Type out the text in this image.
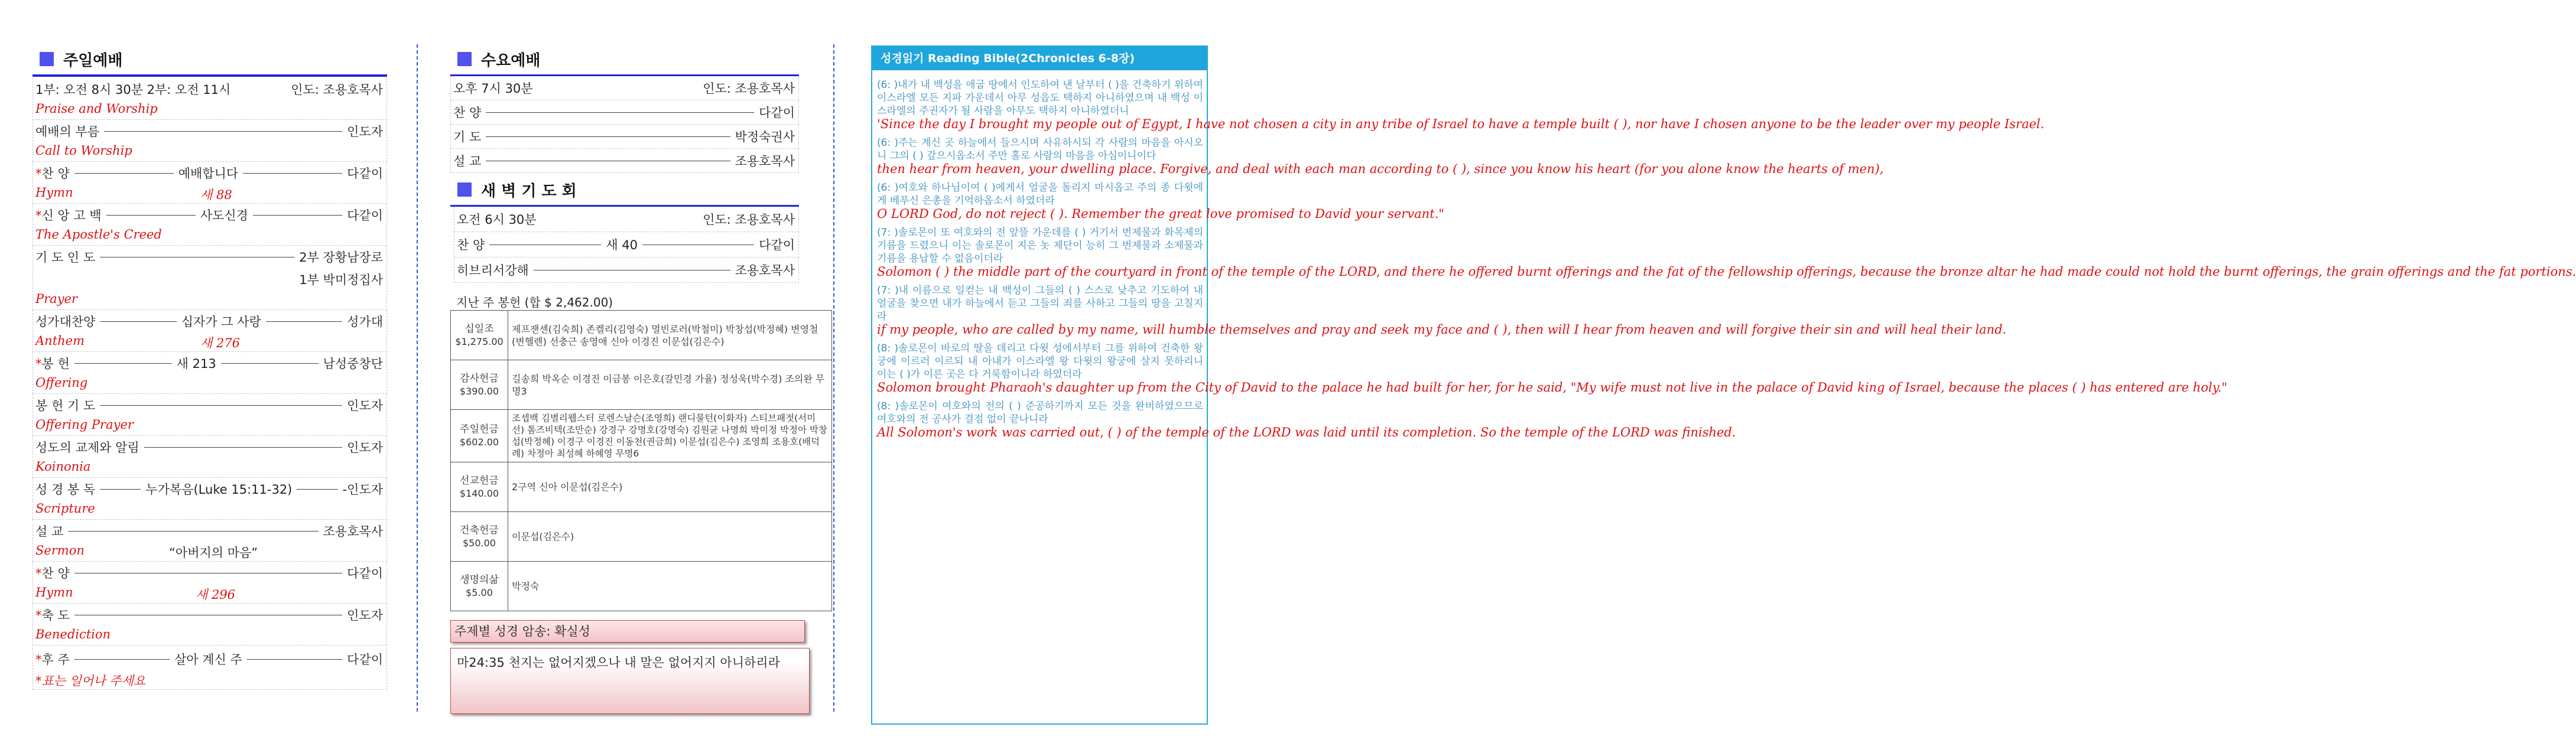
주일예배
1부: 오전 8시 30분 2부: 오전 11시	인도: 조용호목사
Praise and Worship
예배의 부름	인도자
Call to Worship
*찬 양	예배합니다	다같이
Hymn	새 88
*신 앙 고 백	사도신경	다같이
The Apostle's Creed
기 도 인 도	2부 장황남장로
1부 박미정집사
Prayer
성가대찬양	십자가 그 사랑	성가대
Anthem	새 276
*봉 헌	새 213	남성중창단
Offering
봉 헌 기 도	인도자
Offering Prayer
성도의 교제와 알림	인도자
Koinonia
성 경 봉 독	누가복음(Luke 15:11-32)	-인도자
Scripture
설 교	조용호목사
Sermon	“아버지의 마음”
*찬 양	다같이
Hymn	새 296
*축 도	인도자
Benediction
*후 주	살아 계신 주	다같이
*표는 일어나 주세요
수요예배
오후 7시 30분	인도: 조용호목사
찬 양	다같이
기 도	박정숙권사
설 교	조용호목사
새 벽 기 도 회
오전 6시 30분	인도: 조용호목사
찬 양	새 40	다같이
히브리서강해	조용호목사
지난 주 봉헌 (합 $ 2,462.00)
십일조
$1,275.00	제프잰센(김숙희) 존켈리(김영숙) 멀빈로러(박철미) 박창섭(박정혜) 변영철(변헬렌) 선충근 송영애 신아 이경진 이문섭(김은수)

감사헌금
$390.00	길송희 박옥순 이경진 이금봉 이은호(갈민경 가율) 정성욱(박수경) 조의완 무명3

주일헌금
$602.00	조셉백 김별리웹스터 로렌스날슨(조영희) 랜디물턴(이화자) 스티브패젓(서미선) 톰즈비텍(조만순) 강경구 강명호(강명숙) 김원균 나명희 박미정 박정아 박창섭(박정혜) 이경구 이경진 이동천(권금희) 이문섭(김은수) 조영희 조용호(배덕례) 차정아 최성혜 하혜영 무명6

선교헌금
$140.00	2구역 신아 이문섭(김은수)

건축헌금
$50.00	이문섭(김은수)

생명의삶
$5.00	박정숙
주제별 성경 암송: 확실성
마24:35 천지는 없어지겠으나 내 말은 없어지지 아니하리라
성경읽기 Reading Bible(2Chronicles 6-8장)

(6: )내가 내 백성을 애굽 땅에서 인도하여 낸 날부터 ( )을 건축하기 위하여 이스라엘 모든 지파 가운데서 아무 성읍도 택하지 아니하였으며 내 백성 이스라엘의 주권자가 될 사람을 아무도 택하지 아니하였더니

'Since the day I brought my people out of Egypt, I have not chosen a city in any tribe of Israel to have a temple built ( ), nor have I chosen anyone to be the leader over my people Israel.

(6: )주는 계신 곳 하늘에서 들으시며 사유하시되 각 사람의 마음을 아시오니 그의 ( ) 갚으시옵소서 주만 홀로 사람의 마음을 아심이니이다

then hear from heaven, your dwelling place. Forgive, and deal with each man according to ( ), since you know his heart (for you alone know the hearts of men),

(6: )여호와 하나님이여 ( )에게서 얼굴을 돌리지 마시옵고 주의 종 다윗에게 베푸신 은총을 기억하옵소서 하였더라

O LORD God, do not reject ( ). Remember the great love promised to David your servant."

(7: )솔로몬이 또 여호와의 전 앞뜰 가운데를 ( ) 거기서 번제물과 화목제의 기름을 드렸으니 이는 솔로몬이 지은 놋 제단이 능히 그 번제물과 소제물과 기름을 용납할 수 없음이더라

Solomon ( ) the middle part of the courtyard in front of the temple of the LORD, and there he offered burnt offerings and the fat of the fellowship offerings, because the bronze altar he had made could not hold the burnt offerings, the grain offerings and the fat portions.

(7: )내 이름으로 일컫는 내 백성이 그들의 ( ) 스스로 낮추고 기도하여 내 얼굴을 찾으면 내가 하늘에서 듣고 그들의 죄를 사하고 그들의 땅을 고칠지라

if my people, who are called by my name, will humble themselves and pray and seek my face and ( ), then will I hear from heaven and will forgive their sin and will heal their land.

(8: )솔로몬이 바로의 딸을 데리고 다윗 성에서부터 그를 위하여 건축한 왕궁에 이르러 이르되 내 아내가 이스라엘 왕 다윗의 왕궁에 살지 못하리니 이는 ( )가 이른 곳은 다 거룩함이니라 하였더라

Solomon brought Pharaoh's daughter up from the City of David to the palace he had built for her, for he said, "My wife must not live in the palace of David king of Israel, because the places ( ) has entered are holy."

(8: )솔로몬이 여호와의 전의 ( ) 준공하기까지 모든 것을 완비하였으므로 여호와의 전 공사가 결점 없이 끝나니라

All Solomon's work was carried out, ( ) of the temple of the LORD was laid until its completion. So the temple of the LORD was finished.
